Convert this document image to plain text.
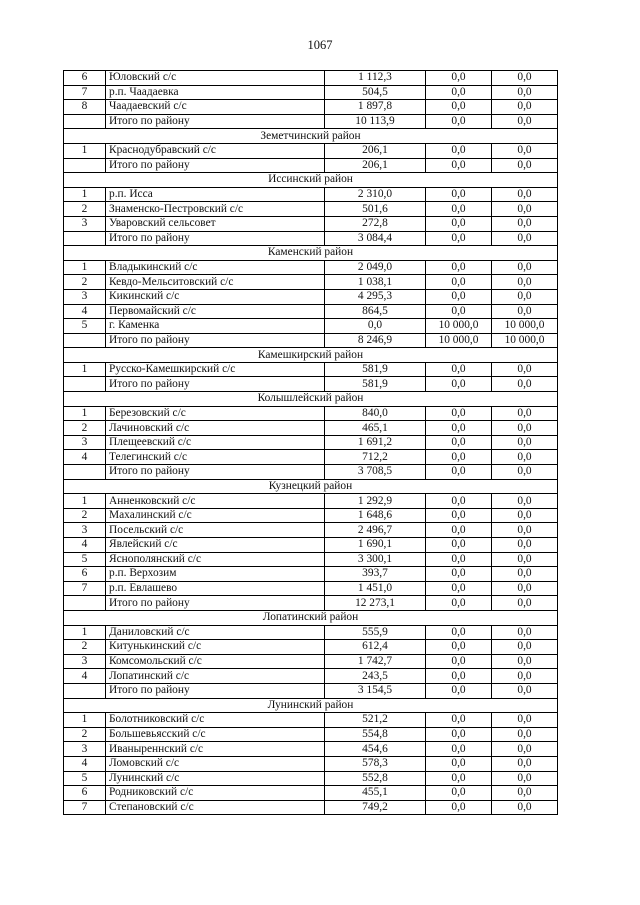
1067
6	Юловский с/с	1 112,3	0,0	0,0
7	р.п. Чаадаевка	504,5	0,0	0,0
8	Чаадаевский с/с	1 897,8	0,0	0,0
	Итого по району	10 113,9	0,0	0,0
Земетчинский район				
1	Краснодубравский с/с	206,1	0,0	0,0
	Итого по району	206,1	0,0	0,0
Иссинский район				
1	р.п. Исса	2 310,0	0,0	0,0
2	Знаменско-Пестровский с/с	501,6	0,0	0,0
3	Уваровский сельсовет	272,8	0,0	0,0
	Итого по району	3 084,4	0,0	0,0
Каменский район				
1	Владыкинский с/с	2 049,0	0,0	0,0
2	Кевдо-Мельситовский с/с	1 038,1	0,0	0,0
3	Кикинский с/с	4 295,3	0,0	0,0
4	Первомайский с/с	864,5	0,0	0,0
5	г. Каменка	0,0	10 000,0	10 000,0
	Итого по району	8 246,9	10 000,0	10 000,0
Камешкирский район				
1	Русско-Камешкирский с/с	581,9	0,0	0,0
	Итого по району	581,9	0,0	0,0
Колышлейский район				
1	Березовский с/с	840,0	0,0	0,0
2	Лачиновский с/с	465,1	0,0	0,0
3	Плещеевский с/с	1 691,2	0,0	0,0
4	Телегинский с/с	712,2	0,0	0,0
	Итого по району	3 708,5	0,0	0,0
Кузнецкий район				
1	Анненковский с/с	1 292,9	0,0	0,0
2	Махалинский с/с	1 648,6	0,0	0,0
3	Посельский с/с	2 496,7	0,0	0,0
4	Явлейский с/с	1 690,1	0,0	0,0
5	Яснополянский с/с	3 300,1	0,0	0,0
6	р.п. Верхозим	393,7	0,0	0,0
7	р.п. Евлашево	1 451,0	0,0	0,0
	Итого по району	12 273,1	0,0	0,0
Лопатинский район				
1	Даниловский с/с	555,9	0,0	0,0
2	Китунькинский с/с	612,4	0,0	0,0
3	Комсомольский с/с	1 742,7	0,0	0,0
4	Лопатинский с/с	243,5	0,0	0,0
	Итого по району	3 154,5	0,0	0,0
Лунинский район				
1	Болотниковский с/с	521,2	0,0	0,0
2	Большевьясский с/с	554,8	0,0	0,0
3	Иваныреннский с/с	454,6	0,0	0,0
4	Ломовский с/с	578,3	0,0	0,0
5	Лунинский с/с	552,8	0,0	0,0
6	Родниковский с/с	455,1	0,0	0,0
7	Степановский с/с	749,2	0,0	0,0
